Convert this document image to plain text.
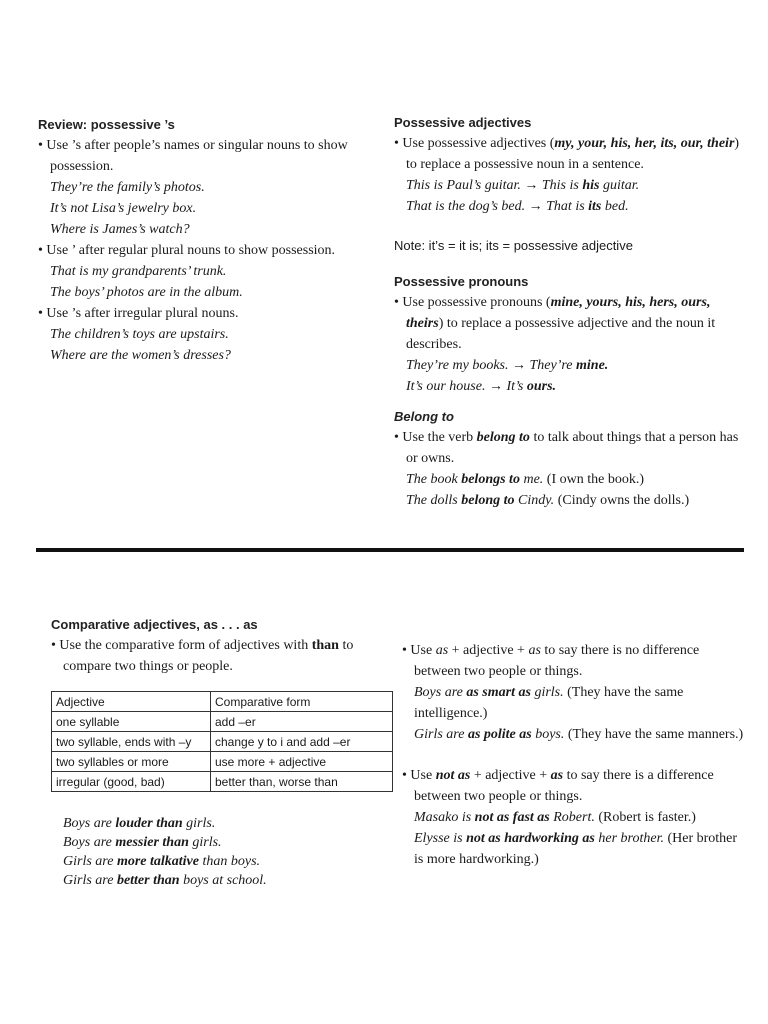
Review: possessive ’s

• Use ’s after people’s names or singular nouns to show possession.

They’re the family’s photos.

It’s not Lisa’s jewelry box.

Where is James’s watch?

• Use ’ after regular plural nouns to show possession.

That is my grandparents’ trunk.

The boys’ photos are in the album.

• Use ’s after irregular plural nouns.

The children’s toys are upstairs.

Where are the women’s dresses?

Possessive adjectives

• Use possessive adjectives (my, your, his, her, its, our, their) to replace a possessive noun in a sentence.

This is Paul’s guitar. → This is his guitar.

That is the dog’s bed. → That is its bed.

Note: it’s = it is; its = possessive adjective

Possessive pronouns

• Use possessive pronouns (mine, yours, his, hers, ours, theirs) to replace a possessive adjective and the noun it describes.

They’re my books. → They’re mine.

It’s our house. → It’s ours.

Belong to

• Use the verb belong to to talk about things that a person has or owns.

The book belongs to me. (I own the book.)

The dolls belong to Cindy. (Cindy owns the dolls.)

Comparative adjectives, as . . . as

• Use the comparative form of adjectives with than to compare two things or people.

Adjective	Comparative form
one syllable	add –er
two syllable, ends with –y	change y to i and add –er
two syllables or more	use more + adjective
irregular (good, bad)	better than, worse than

Boys are louder than girls.

Boys are messier than girls.

Girls are more talkative than boys.

Girls are better than boys at school.

• Use as + adjective + as to say there is no difference between two people or things.

Boys are as smart as girls. (They have the same intelligence.)

Girls are as polite as boys. (They have the same manners.)

• Use not as + adjective + as to say there is a difference between two people or things.

Masako is not as fast as Robert. (Robert is faster.)

Elysse is not as hardworking as her brother. (Her brother is more hardworking.)
